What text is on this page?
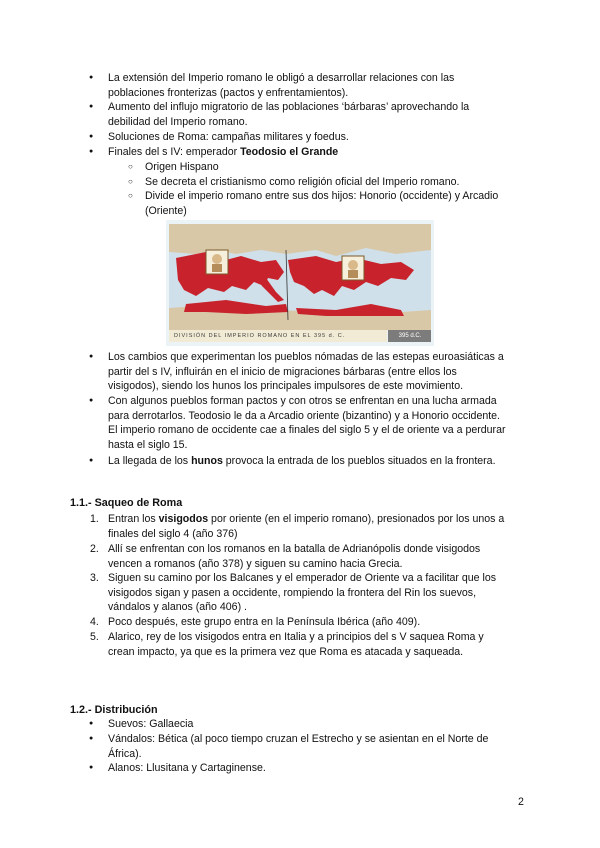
● La extensión del Imperio romano le obligó a desarrollar relaciones con las
poblaciones fronterizas (pactos y enfrentamientos).
● Aumento del influjo migratorio de las poblaciones ‘bárbaras’ aprovechando la
debilidad del Imperio romano.
● Soluciones de Roma: campañas militares y foedus.
● Finales del s IV: emperador Teodosio el Grande
○ Origen Hispano
○ Se decreta el cristianismo como religión oficial del Imperio romano.
○ Divide el imperio romano entre sus dos hijos: Honorio (occidente) y Arcadio
(Oriente)
DIVISIÓN DEL IMPERIO ROMANO EN EL 395 d. C.	395 d.C.
● Los cambios que experimentan los pueblos nómadas de las estepas euroasiáticas a
partir del s IV, influirán en el inicio de migraciones bárbaras (entre ellos los
visigodos), siendo los hunos los principales impulsores de este movimiento.
● Con algunos pueblos forman pactos y con otros se enfrentan en una lucha armada
para derrotarlos. Teodosio le da a Arcadio oriente (bizantino) y a Honorio occidente.
El imperio romano de occidente cae a finales del siglo 5 y el de oriente va a perdurar
hasta el siglo 15.
● La llegada de los hunos provoca la entrada de los pueblos situados en la frontera.
1.1.- Saqueo de Roma
1. Entran los visigodos por oriente (en el imperio romano), presionados por los unos a
finales del siglo 4 (año 376)
2. Allí se enfrentan con los romanos en la batalla de Adrianópolis donde visigodos
vencen a romanos (año 378) y siguen su camino hacia Grecia.
3. Siguen su camino por los Balcanes y el emperador de Oriente va a facilitar que los
visigodos sigan y pasen a occidente, rompiendo la frontera del Rin los suevos,
vándalos y alanos (año 406) .
4. Poco después, este grupo entra en la Península Ibérica (año 409).
5. Alarico, rey de los visigodos entra en Italia y a principios del s V saquea Roma y
crean impacto, ya que es la primera vez que Roma es atacada y saqueada.
1.2.- Distribución
● Suevos: Gallaecia
● Vándalos: Bética (al poco tiempo cruzan el Estrecho y se asientan en el Norte de
África).
● Alanos: Llusitana y Cartaginense.
2
